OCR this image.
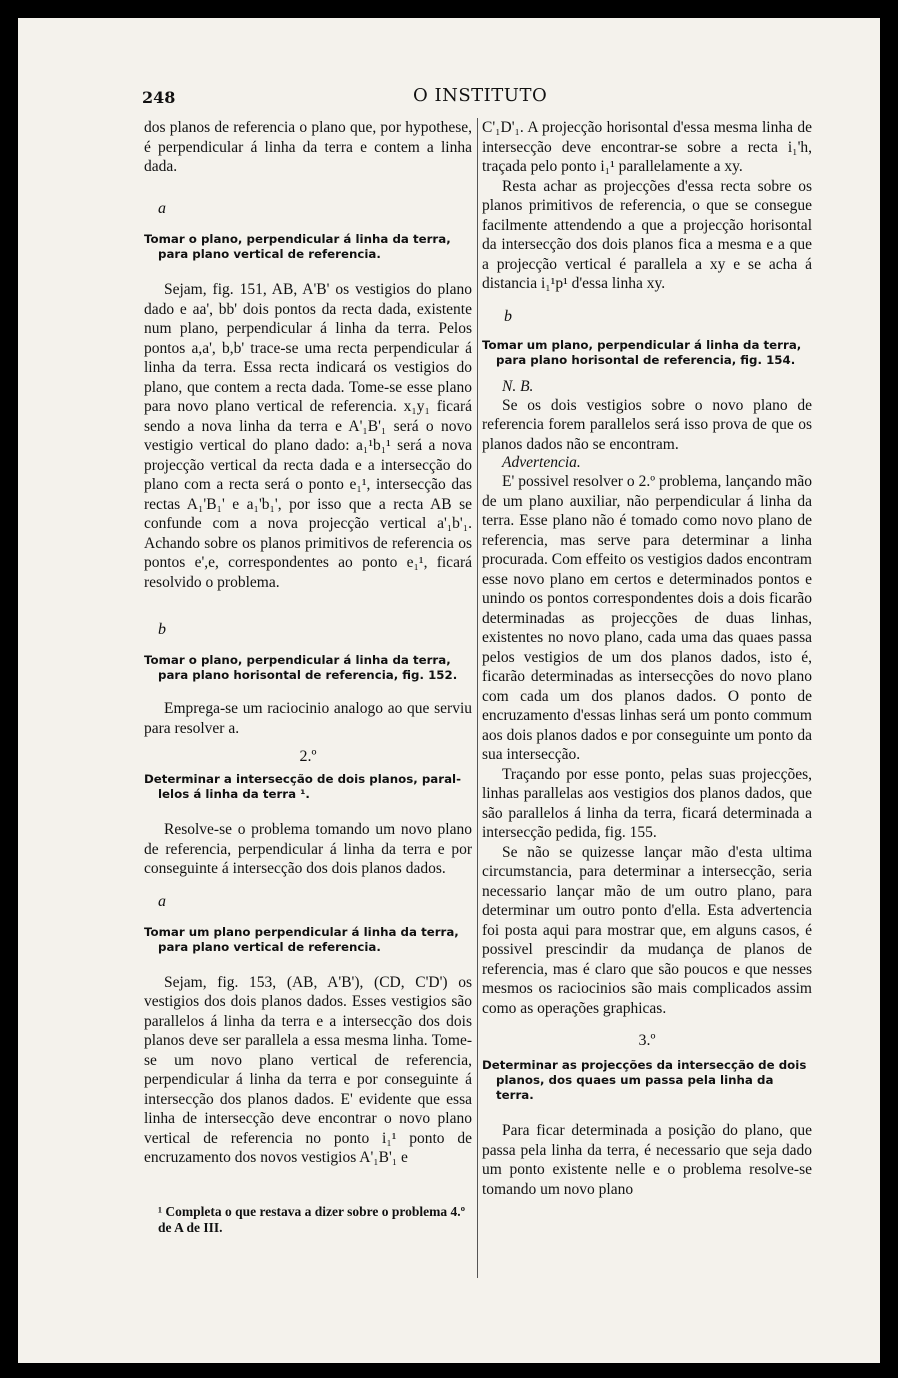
248	O INSTITUTO

dos planos de referencia o plano que, por hypothese, é perpendicular á linha da terra e contem a linha dada.

a

Tomar o plano, perpendicular á linha da terra,
para plano vertical de referencia.

Sejam, fig. 151, AB, A'B' os vestigios do plano dado e aa', bb' dois pontos da recta dada, existente num plano, perpendicular á linha da terra. Pelos pontos a,a', b,b' trace-se uma recta perpendicular á linha da terra. Essa recta indicará os vestigios do plano, que contem a recta dada. Tome-se esse plano para novo plano vertical de referencia. x₁y₁ ficará sendo a nova linha da terra e A'₁B'₁ será o novo vestigio vertical do plano dado: a₁¹b₁¹ será a nova projecção vertical da recta dada e a intersecção do plano com a recta será o ponto e₁¹, intersecção das rectas A₁'B₁' e a₁'b₁', por isso que a recta AB se confunde com a nova projecção vertical a'₁b'₁. Achando sobre os planos primitivos de referencia os pontos e',e, correspondentes ao ponto e₁¹, ficará resolvido o problema.

b

Tomar o plano, perpendicular á linha da terra,
para plano horisontal de referencia, fig. 152.

Emprega-se um raciocinio analogo ao que serviu para resolver a.

2.º

Determinar a intersecção de dois planos, paral-
lelos á linha da terra ¹.

Resolve-se o problema tomando um novo plano de referencia, perpendicular á linha da terra e por conseguinte á intersecção dos dois planos dados.

a

Tomar um plano perpendicular á linha da terra,
para plano vertical de referencia.

Sejam, fig. 153, (AB, A'B'), (CD, C'D') os vestigios dos dois planos dados. Esses vestigios são parallelos á linha da terra e a intersecção dos dois planos deve ser parallela a essa mesma linha. Tome-se um novo plano vertical de referencia, perpendicular á linha da terra e por conseguinte á intersecção dos planos dados. E' evidente que essa linha de intersecção deve encontrar o novo plano vertical de referencia no ponto i₁¹ ponto de encruzamento dos novos vestigios A'₁B'₁ e

¹ Completa o que restava a dizer sobre o problema 4.º de A de III.

C'₁D'₁. A projecção horisontal d'essa mesma linha de intersecção deve encontrar-se sobre a recta i₁'h, traçada pelo ponto i₁¹ parallelamente a xy.

Resta achar as projecções d'essa recta sobre os planos primitivos de referencia, o que se consegue facilmente attendendo a que a projecção horisontal da intersecção dos dois planos fica a mesma e a que a projecção vertical é parallela a xy e se acha á distancia i₁¹p¹ d'essa linha xy.

b

Tomar um plano, perpendicular á linha da terra,
para plano horisontal de referencia, fig. 154.

N. B.

Se os dois vestigios sobre o novo plano de referencia forem parallelos será isso prova de que os planos dados não se encontram.

Advertencia.

E' possivel resolver o 2.º problema, lançando mão de um plano auxiliar, não perpendicular á linha da terra. Esse plano não é tomado como novo plano de referencia, mas serve para determinar a linha procurada. Com effeito os vestigios dados encontram esse novo plano em certos e determinados pontos e unindo os pontos correspondentes dois a dois ficarão determinadas as projecções de duas linhas, existentes no novo plano, cada uma das quaes passa pelos vestigios de um dos planos dados, isto é, ficarão determinadas as intersecções do novo plano com cada um dos planos dados. O ponto de encruzamento d'essas linhas será um ponto commum aos dois planos dados e por conseguinte um ponto da sua intersecção.

Traçando por esse ponto, pelas suas projecções, linhas parallelas aos vestigios dos planos dados, que são parallelos á linha da terra, ficará determinada a intersecção pedida, fig. 155.

Se não se quizesse lançar mão d'esta ultima circumstancia, para determinar a intersecção, seria necessario lançar mão de um outro plano, para determinar um outro ponto d'ella. Esta advertencia foi posta aqui para mostrar que, em alguns casos, é possivel prescindir da mudança de planos de referencia, mas é claro que são poucos e que nesses mesmos os raciocinios são mais complicados assim como as operações graphicas.

3.º

Determinar as projecções da intersecção de dois
planos, dos quaes um passa pela linha da terra.

Para ficar determinada a posição do plano, que passa pela linha da terra, é necessario que seja dado um ponto existente nelle e o problema resolve-se tomando um novo plano
